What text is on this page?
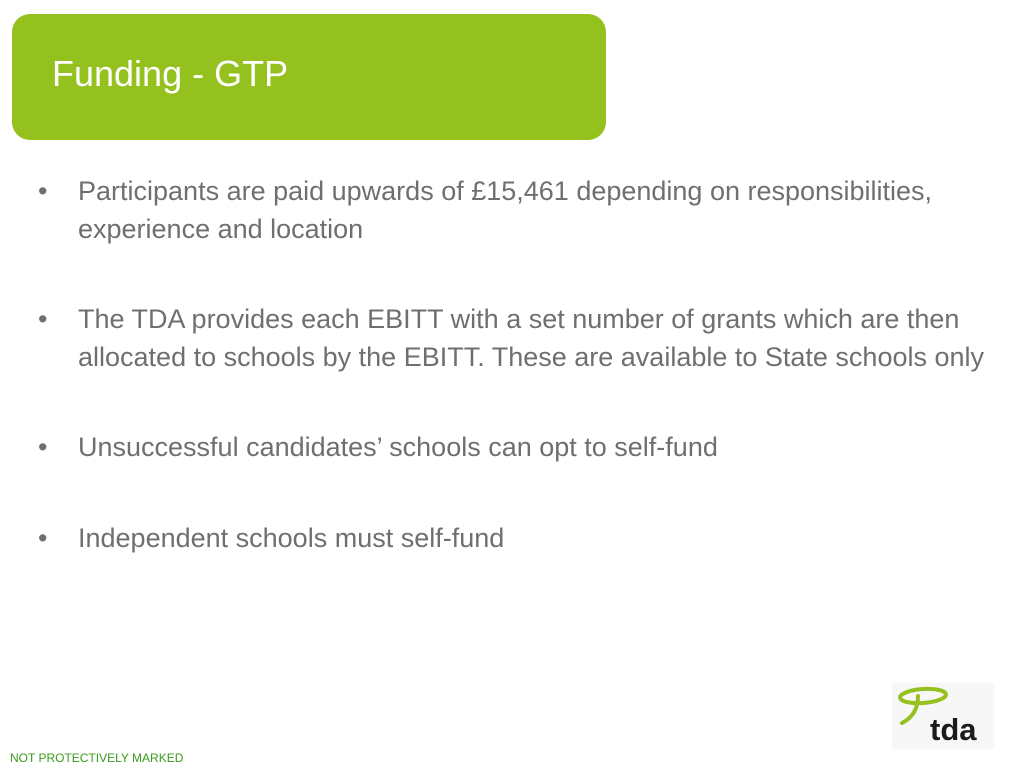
Funding - GTP
• Participants are paid upwards of £15,461 depending on responsibilities, experience and location
• The TDA provides each EBITT with a set number of grants which are then allocated to schools by the EBITT. These are available to State schools only
• Unsuccessful candidates’ schools can opt to self-fund
• Independent schools must self-fund
NOT PROTECTIVELY MARKED
tda
